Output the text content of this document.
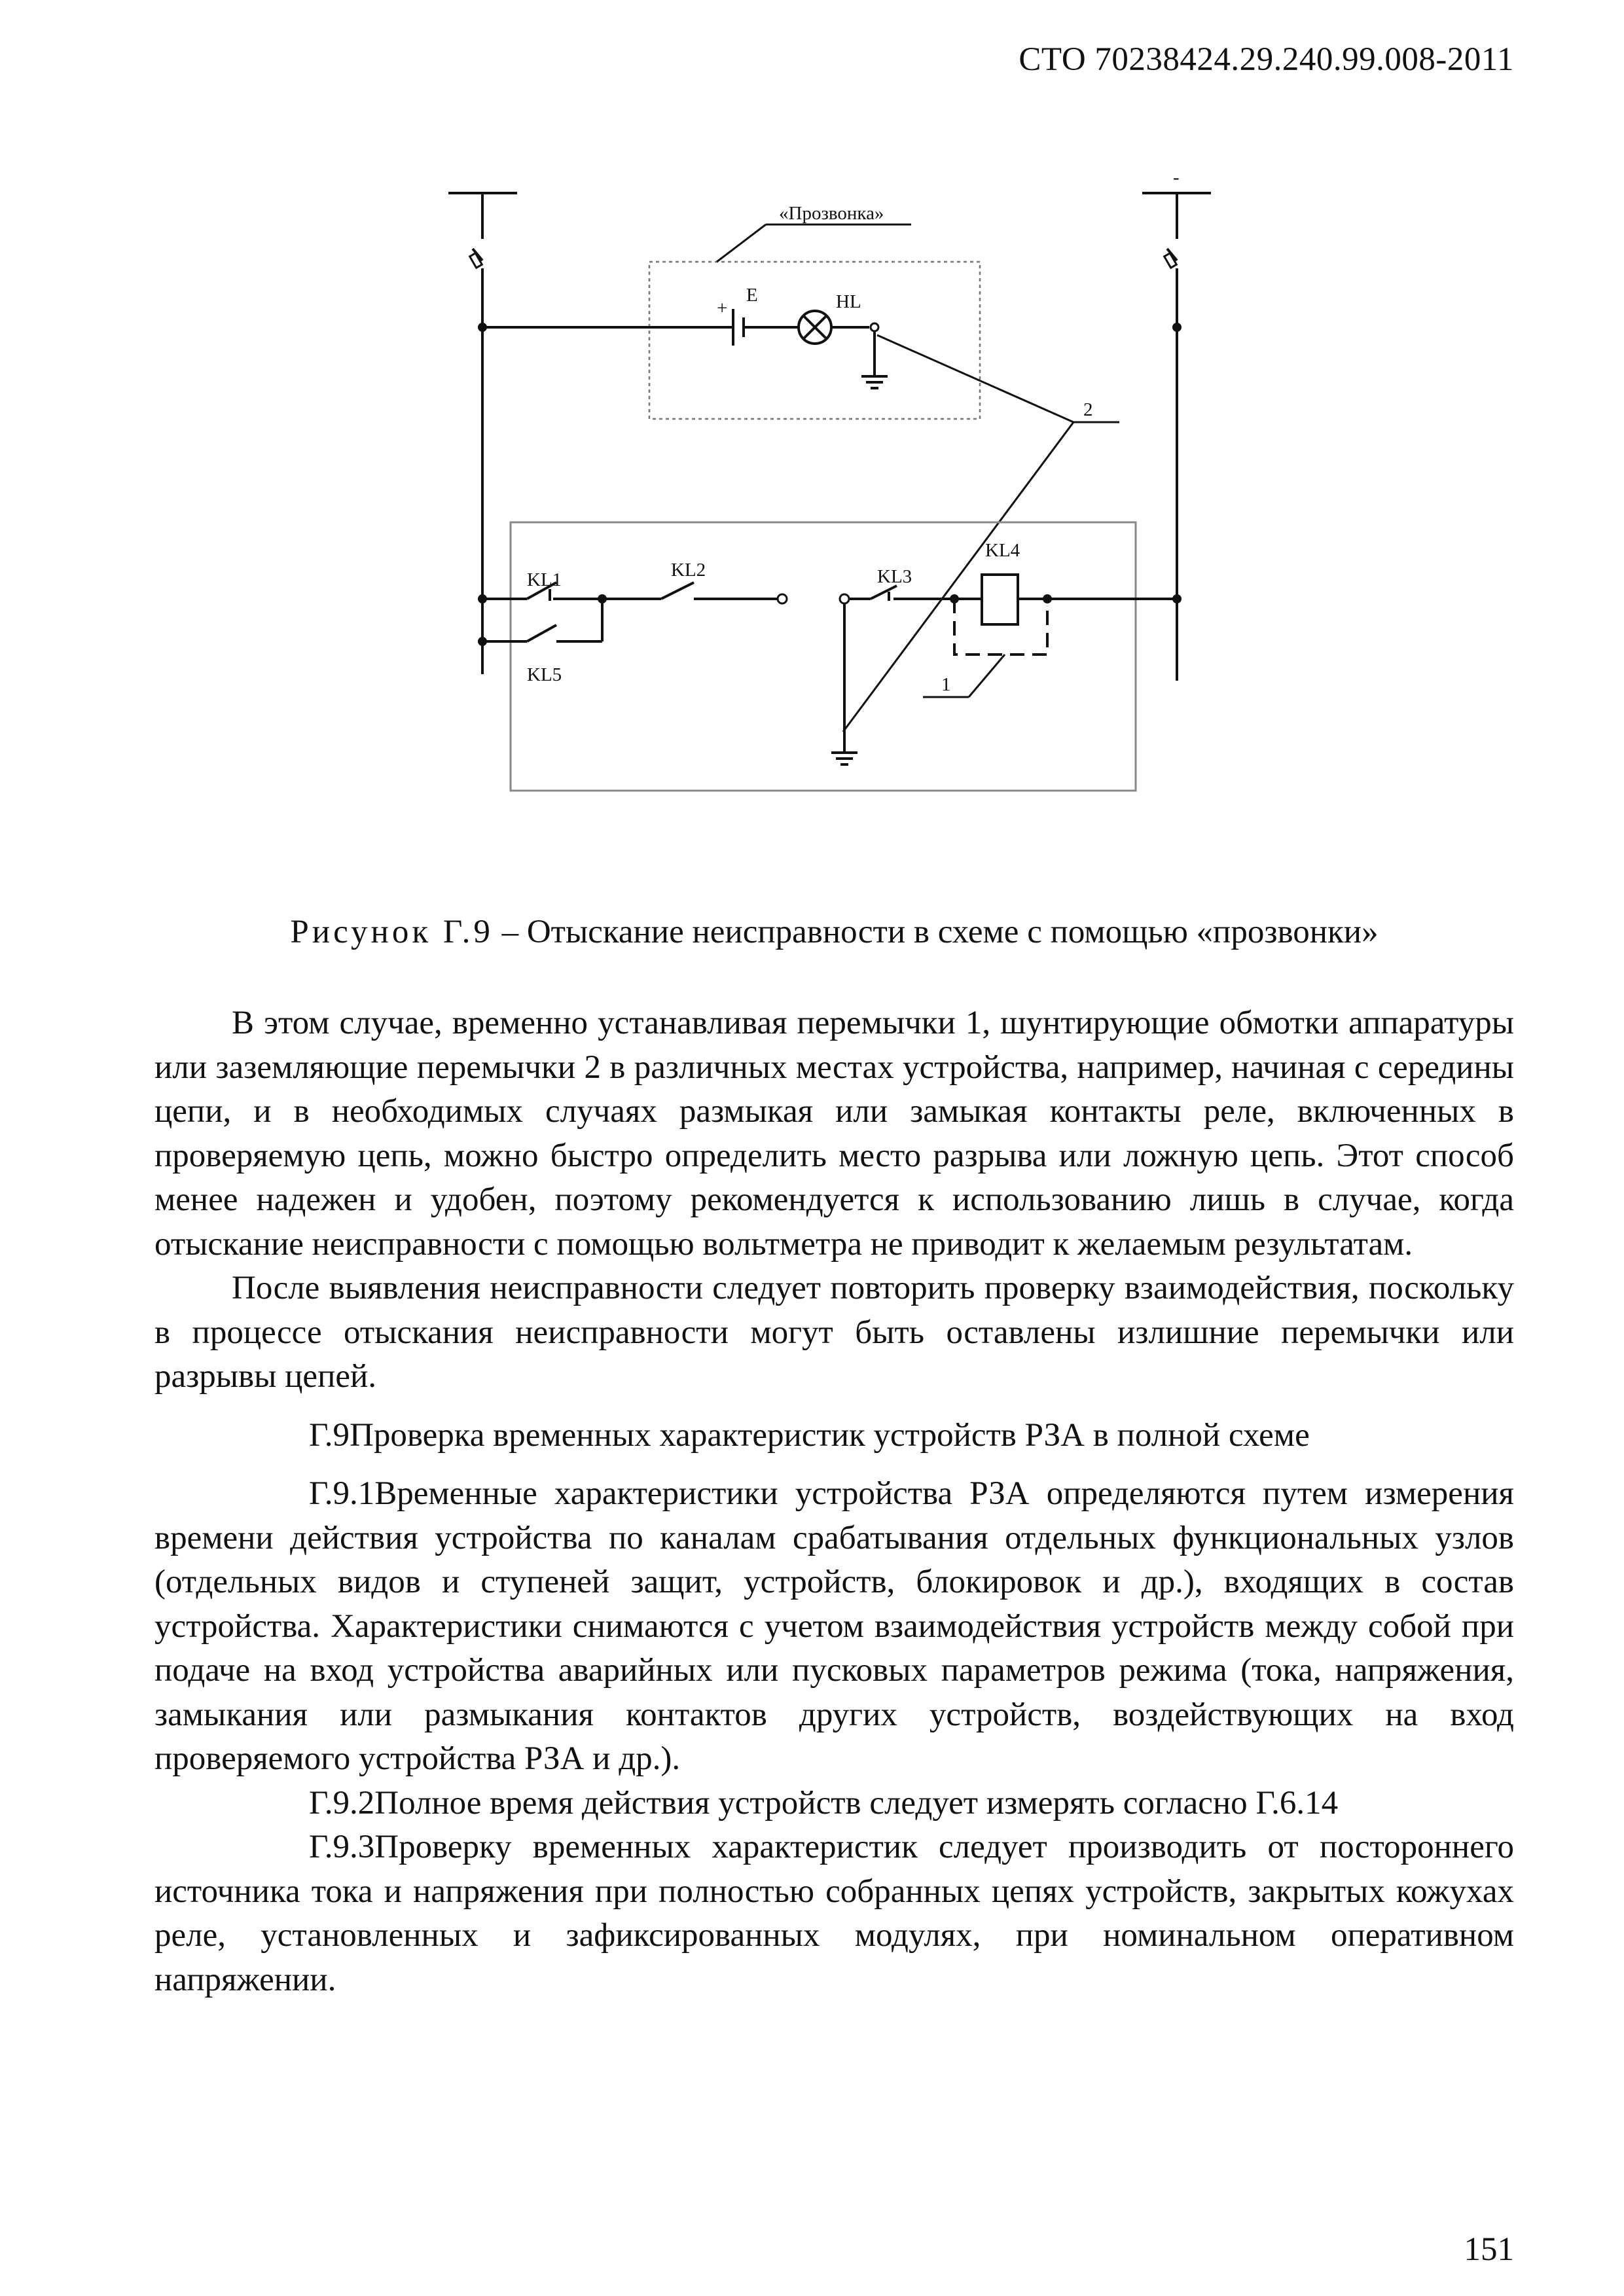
СТО 70238424.29.240.99.008-2011
-
«Прозвонка»
+
E	HL
2
KL1	KL2	KL3
KL4
1
KL5
Рисунок Г.9 – Отыскание неисправности в схеме с помощью «прозвонки»

В этом случае, временно устанавливая перемычки 1, шунтирующие обмотки аппаратуры или заземляющие перемычки 2 в различных местах устройства, например, начиная с середины цепи, и в необходимых случаях размыкая или замыкая контакты реле, включенных в проверяемую цепь, можно быстро определить место разрыва или ложную цепь. Этот способ менее надежен и удобен, поэтому рекомендуется к использованию лишь в случае, когда отыскание неисправности с помощью вольтметра не приводит к желаемым результатам.

После выявления неисправности следует повторить проверку взаимодействия, поскольку в процессе отыскания неисправности могут быть оставлены излишние перемычки или разрывы цепей.

Г.9Проверка временных характеристик устройств РЗА в полной схеме

Г.9.1Временные характеристики устройства РЗА определяются путем измерения времени действия устройства по каналам срабатывания отдельных функциональных узлов (отдельных видов и ступеней защит, устройств, блокировок и др.), входящих в состав устройства. Характеристики снимаются с учетом взаимодействия устройств между собой при подаче на вход устройства аварийных или пусковых параметров режима (тока, напряжения, замыкания или размыкания контактов других устройств, воздействующих на вход проверяемого устройства РЗА и др.).

Г.9.2Полное время действия устройств следует измерять согласно Г.6.14

Г.9.3Проверку временных характеристик следует производить от постороннего источника тока и напряжения при полностью собранных цепях устройств, закрытых кожухах реле, установленных и зафиксированных модулях, при номинальном оперативном напряжении.

151
